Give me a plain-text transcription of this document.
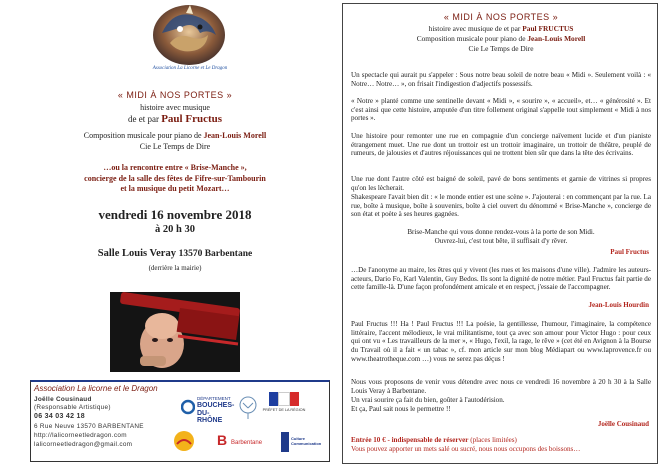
Association La Licorne et Le Dragon
« MIDI À NOS PORTES »
histoire avec musique
de et par Paul Fructus
Composition musicale pour piano de Jean-Louis Morell
Cie Le Temps de Dire
…ou la rencontre entre « Brise-Manche »,
concierge de la salle des fêtes de Fifre-sur-Tambourin
et la musique du petit Mozart…
vendredi 16 novembre 2018
à 20 h 30
Salle Louis Veray 13570 Barbentane
(derrière la mairie)
Association La licorne et le Dragon
Joëlle Cousinaud
(Responsable Artistique)
06 34 03 42 18
6 Rue Neuve 13570 BARBENTANE
http://lalicorneetledragon.com
lalicorneetledragon@gmail.com
DÉPARTEMENT
BOUCHES-
DU-RHÔNE
PRÉFET DE LA RÉGION
B Barbentane
Culture Communication
« MIDI À NOS PORTES »
histoire avec musique de et par Paul FRUCTUS
Composition musicale pour piano de Jean-Louis Morell
Cie Le Temps de Dire
Un spectacle qui aurait pu s'appeler : Sous notre beau soleil de notre beau « Midi ». Seulement voilà : « Notre… Notre… », on frisait l'indigestion d'adjectifs possessifs.
« Notre » planté comme une sentinelle devant « Midi », « sourire », « accueil», et… « générosité ». Et c'est ainsi que cette histoire, amputée d'un titre follement original s'appelle tout simplement « Midi à nos portes ».
Une histoire pour remonter une rue en compagnie d'un concierge naïvement lucide et d'un pianiste étrangement muet. Une rue dont un trottoir est un trottoir imaginaire, un trottoir de théâtre, peuplé de rumeurs, de jalousies et d'autres réjouissances qui ne trottent bien sûr que dans la tête des écrivains.
Une rue dont l'autre côté est baigné de soleil, pavé de bons sentiments et garnie de vitrines si propres qu'on les lècherait.
Shakespeare l'avait bien dit : « le monde entier est une scène ». J'ajouterai : en commençant par la rue. La rue, boîte à musique, boîte à souvenirs, boîte à ciel ouvert du dénommé « Brise-Manche », concierge de son état et poète à ses heures gagnées.
Brise-Manche qui vous donne rendez-vous à la porte de son Midi.
Ouvrez-lui, c'est tout bête, il suffisait d'y rêver.
Paul Fructus
…De l'anonyme au maire, les êtres qui y vivent (les rues et les maisons d'une ville). J'admire les auteurs-acteurs, Dario Fo, Karl Valentin, Guy Bedos. Ils sont la dignité de notre métier. Paul Fructus fait partie de cette famille-là. D'une façon profondément amicale et en respect, j'essaie de l'accompagner.
Jean-Louis Hourdin
Paul Fructus !!! Ha ! Paul Fructus !!! La poésie, la gentillesse, l'humour, l'imaginaire, la compétence littéraire, l'accent mélodieux, le vrai militantisme, tout ça avec son amour pour Victor Hugo : pour ceux qui ont vu « Les travailleurs de la mer », « Hugo, l'exil, la rage, le rêve » (cet été en Avignon à la Bourse du Travail où il a fait « un tabac », cf. mon article sur mon blog Médiapart ou www.laprovence.fr ou www.theatrotheque.com …) vous ne serez pas déçus !
Nous vous proposons de venir vous détendre avec nous ce vendredi 16 novembre à 20 h 30 à la Salle Louis Veray à Barbentane.
Un vrai sourire ça fait du bien, goûter à l'autodérision.
Et ça, Paul sait nous le permettre !!
Joëlle Cousinaud
Entrée 10 € - indispensable de réserver (places limitées)
Vous pouvez apporter un mets salé ou sucré, nous nous occupons des boissons…
